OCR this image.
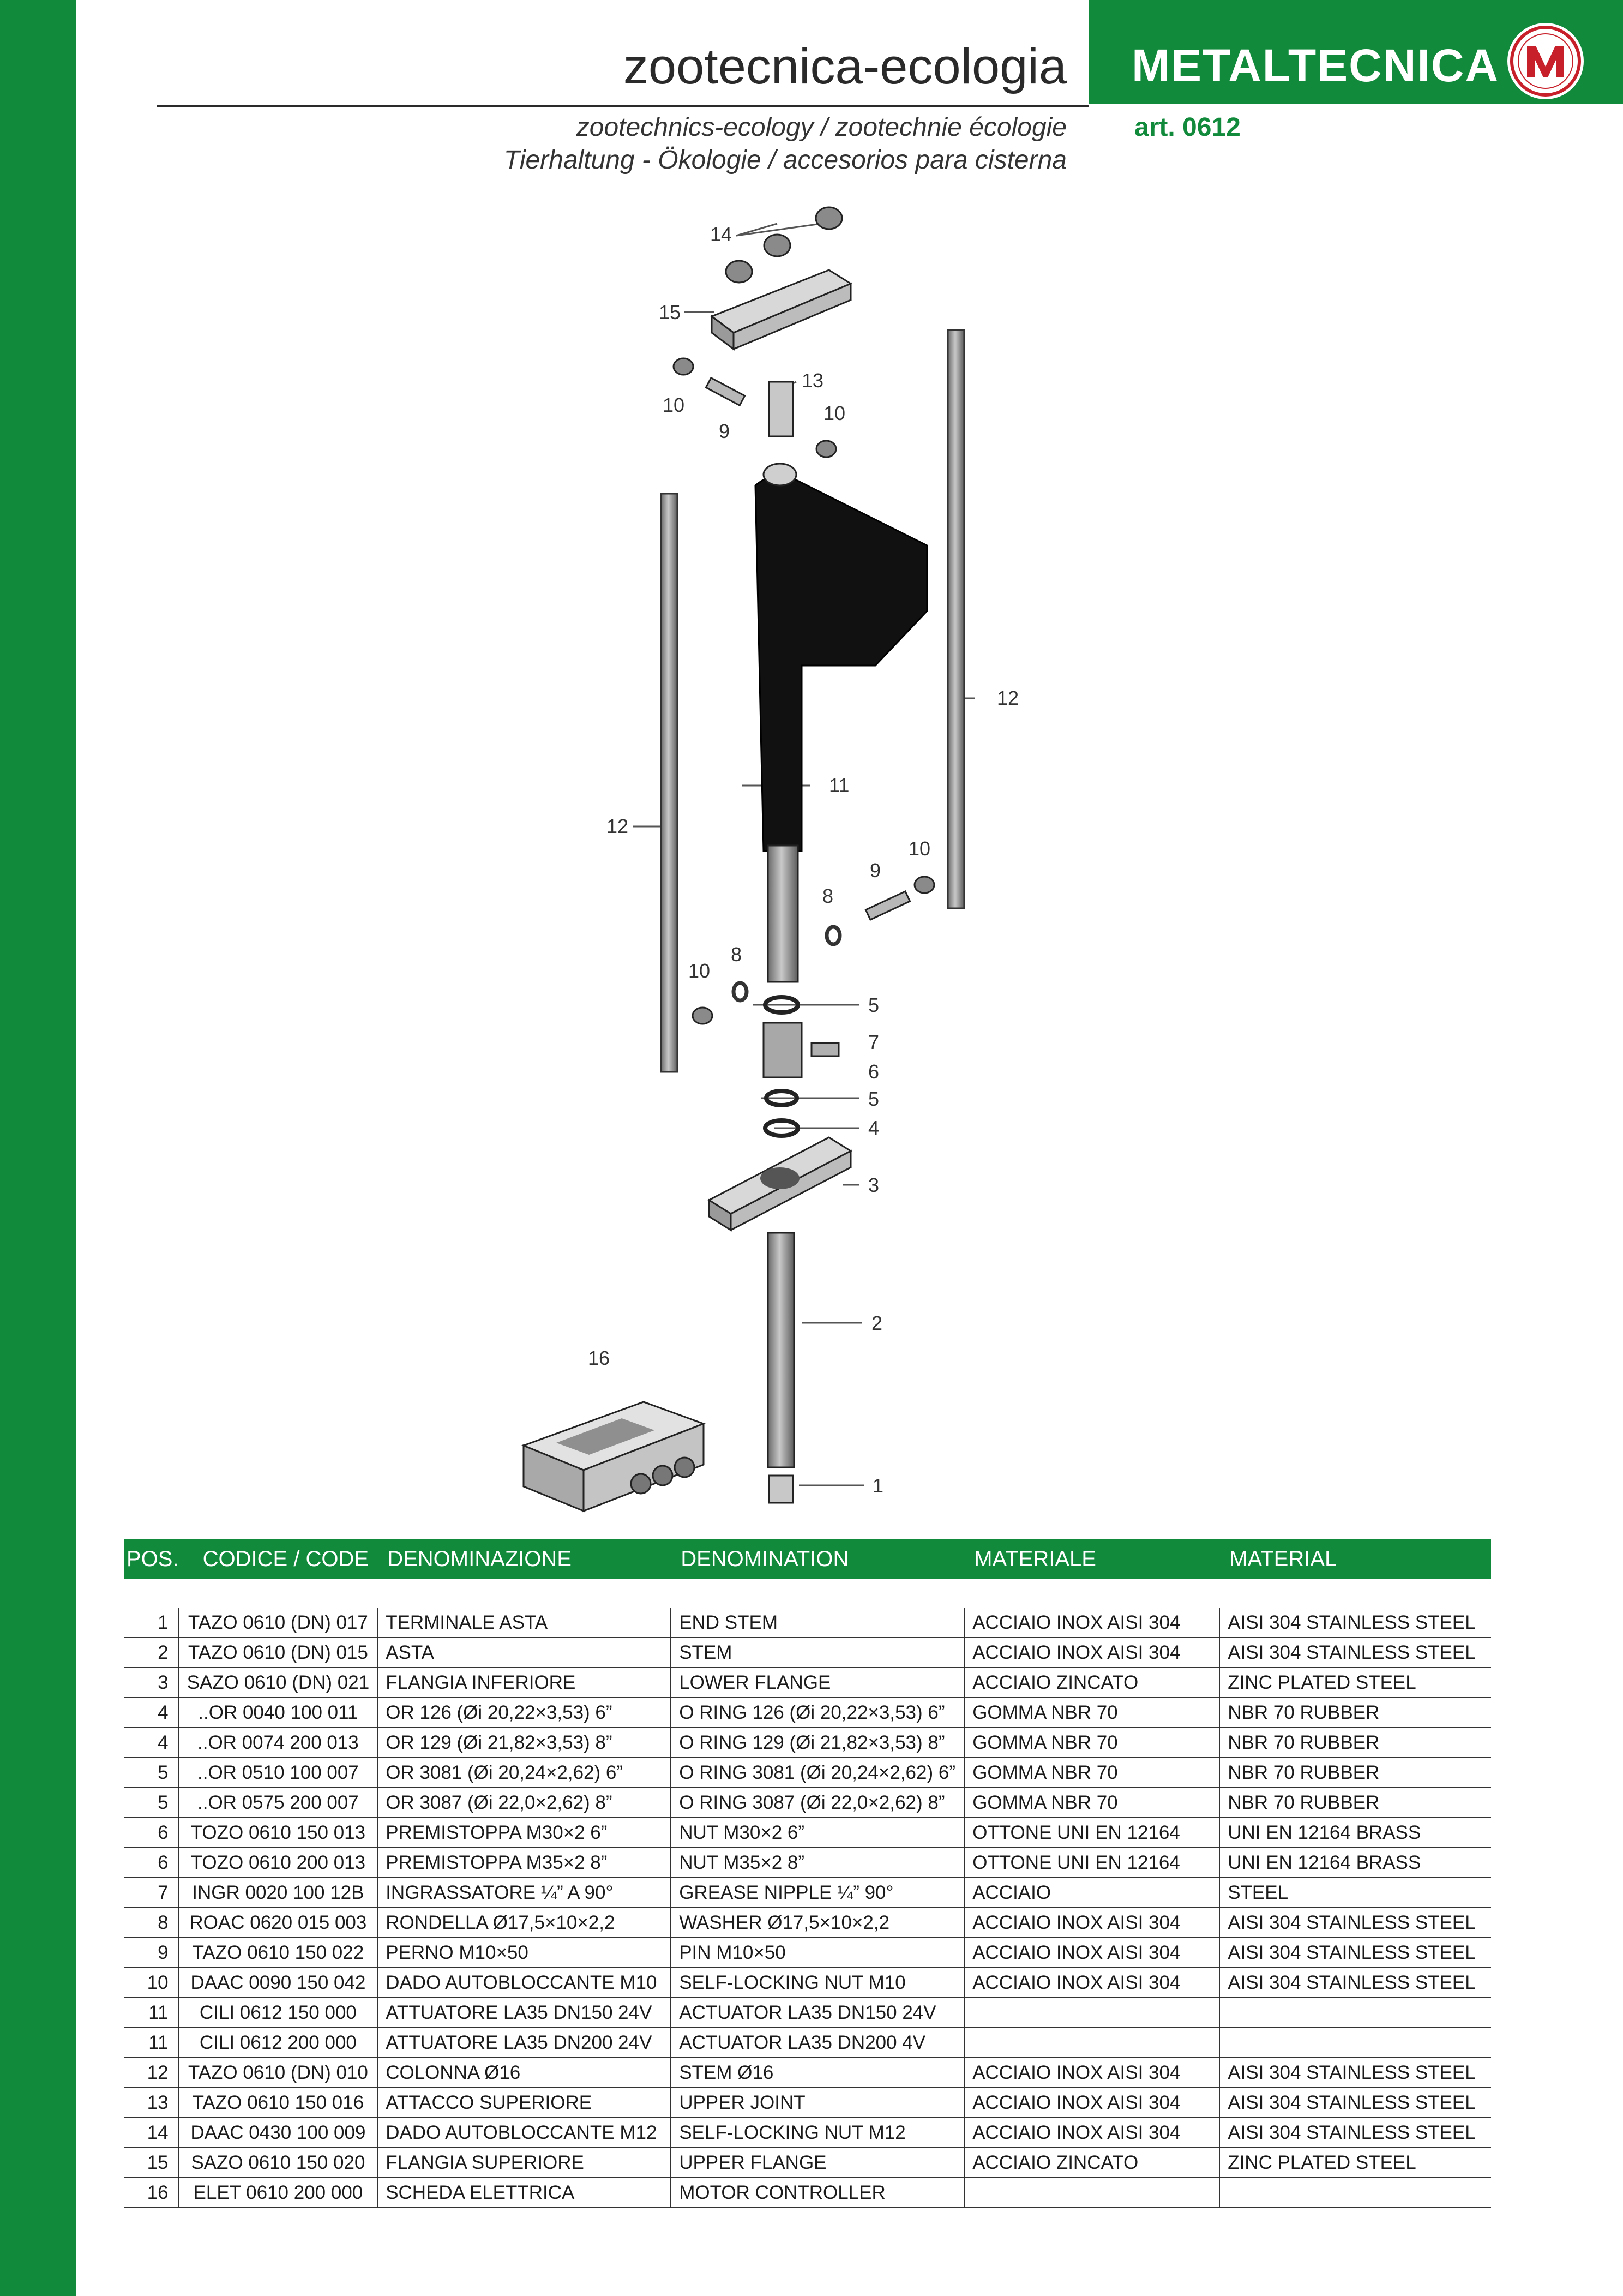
METALTECNICA
zootecnica-ecologia
zootechnics-ecology / zootechnie écologie
Tierhaltung - Ökologie / accesorios para cisterna
art. 0612
14
15
13
10
9
10
12
11
12
9
10
8
8
10
5
7
6
5
4
3
2
16
1
POS.	CODICE / CODE	DENOMINAZIONE	DENOMINATION	MATERIALE	MATERIAL

1	TAZO 0610 (DN) 017	TERMINALE ASTA	END STEM	ACCIAIO INOX AISI 304	AISI 304 STAINLESS STEEL
2	TAZO 0610 (DN) 015	ASTA	STEM	ACCIAIO INOX AISI 304	AISI 304 STAINLESS STEEL
3	SAZO 0610 (DN) 021	FLANGIA INFERIORE	LOWER FLANGE	ACCIAIO ZINCATO	ZINC PLATED STEEL
4	..OR 0040 100 011	OR 126 (Øi 20,22×3,53) 6”	O RING 126 (Øi 20,22×3,53) 6”	GOMMA NBR 70	NBR 70 RUBBER
4	..OR 0074 200 013	OR 129 (Øi 21,82×3,53) 8”	O RING 129 (Øi 21,82×3,53) 8”	GOMMA NBR 70	NBR 70 RUBBER
5	..OR 0510 100 007	OR 3081 (Øi 20,24×2,62) 6”	O RING 3081 (Øi 20,24×2,62) 6”	GOMMA NBR 70	NBR 70 RUBBER
5	..OR 0575 200 007	OR 3087 (Øi 22,0×2,62) 8”	O RING 3087 (Øi 22,0×2,62) 8”	GOMMA NBR 70	NBR 70 RUBBER
6	TOZO 0610 150 013	PREMISTOPPA M30×2 6”	NUT M30×2 6”	OTTONE UNI EN 12164	UNI EN 12164 BRASS
6	TOZO 0610 200 013	PREMISTOPPA M35×2 8”	NUT M35×2 8”	OTTONE UNI EN 12164	UNI EN 12164 BRASS
7	INGR 0020 100 12B	INGRASSATORE ¼” A 90°	GREASE NIPPLE ¼” 90°	ACCIAIO	STEEL
8	ROAC 0620 015 003	RONDELLA Ø17,5×10×2,2	WASHER Ø17,5×10×2,2	ACCIAIO INOX AISI 304	AISI 304 STAINLESS STEEL
9	TAZO 0610 150 022	PERNO M10×50	PIN M10×50	ACCIAIO INOX AISI 304	AISI 304 STAINLESS STEEL
10	DAAC 0090 150 042	DADO AUTOBLOCCANTE M10	SELF-LOCKING NUT M10	ACCIAIO INOX AISI 304	AISI 304 STAINLESS STEEL
11	CILI 0612 150 000	ATTUATORE LA35 DN150 24V	ACTUATOR LA35 DN150 24V		
11	CILI 0612 200 000	ATTUATORE LA35 DN200 24V	ACTUATOR LA35 DN200 4V		
12	TAZO 0610 (DN) 010	COLONNA Ø16	STEM Ø16	ACCIAIO INOX AISI 304	AISI 304 STAINLESS STEEL
13	TAZO 0610 150 016	ATTACCO SUPERIORE	UPPER JOINT	ACCIAIO INOX AISI 304	AISI 304 STAINLESS STEEL
14	DAAC 0430 100 009	DADO AUTOBLOCCANTE M12	SELF-LOCKING NUT M12	ACCIAIO INOX AISI 304	AISI 304 STAINLESS STEEL
15	SAZO 0610 150 020	FLANGIA SUPERIORE	UPPER FLANGE	ACCIAIO ZINCATO	ZINC PLATED STEEL
16	ELET 0610 200 000	SCHEDA ELETTRICA	MOTOR CONTROLLER		
